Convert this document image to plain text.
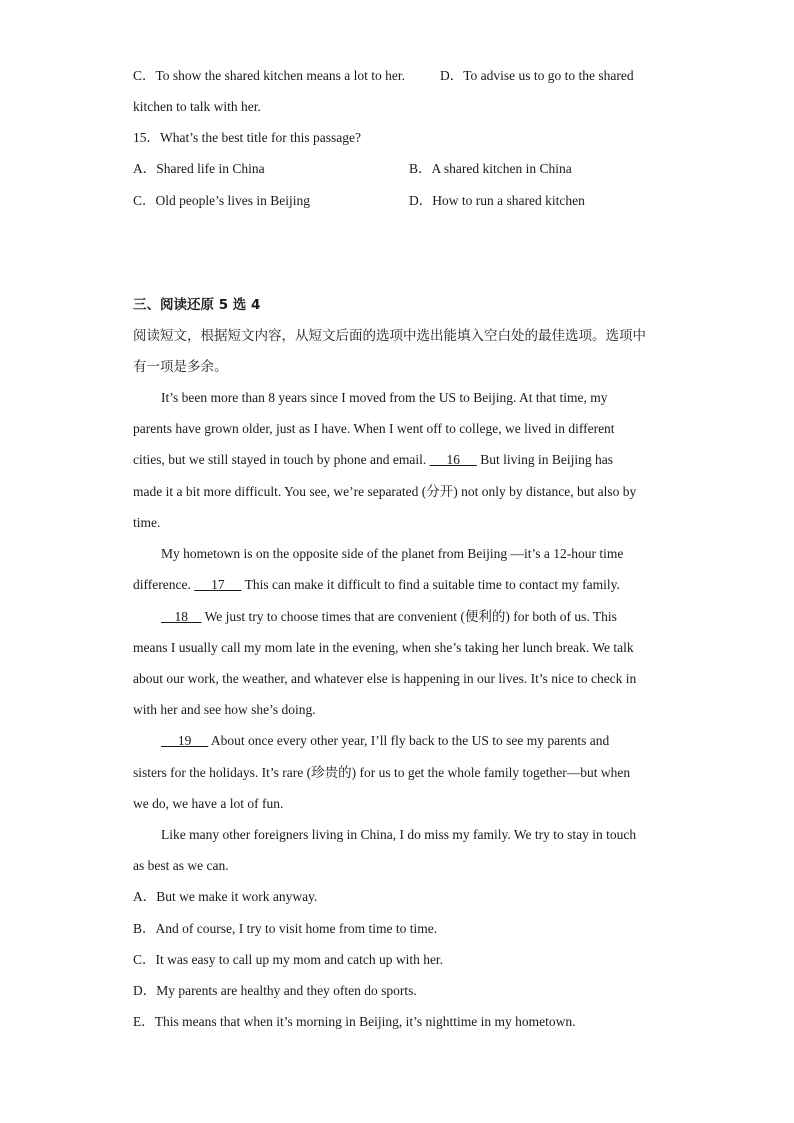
C．To show the shared kitchen means a lot to her.	D．To advise us to go to the shared
kitchen to talk with her.
15．What’s the best title for this passage?
A．Shared life in China	B．A shared kitchen in China
C．Old people’s lives in Beijing	D．How to run a shared kitchen
三、阅读还原 5 选 4
阅读短文，根据短文内容，从短文后面的选项中选出能填入空白处的最佳选项。选项中
有一项是多余。
It’s been more than 8 years since I moved from the US to Beijing. At that time, my
parents have grown older, just as I have. When I went off to college, we lived in different
cities, but we still stayed in touch by phone and email.      16      But living in Beijing has
made it a bit more difficult. You see, we’re separated (分开) not only by distance, but also by
time.
My hometown is on the opposite side of the planet from Beijing —it’s a 12-hour time
difference.      17      This can make it difficult to find a suitable time to contact my family.
18     We just try to choose times that are convenient (便利的) for both of us. This
means I usually call my mom late in the evening, when she’s taking her lunch break. We talk
about our work, the weather, and whatever else is happening in our lives. It’s nice to check in
with her and see how she’s doing.
19      About once every other year, I’ll fly back to the US to see my parents and
sisters for the holidays. It’s rare (珍贵的) for us to get the whole family together—but when
we do, we have a lot of fun.
Like many other foreigners living in China, I do miss my family. We try to stay in touch
as best as we can.
A．But we make it work anyway.
B．And of course, I try to visit home from time to time.
C．It was easy to call up my mom and catch up with her.
D．My parents are healthy and they often do sports.
E．This means that when it’s morning in Beijing, it’s nighttime in my hometown.
